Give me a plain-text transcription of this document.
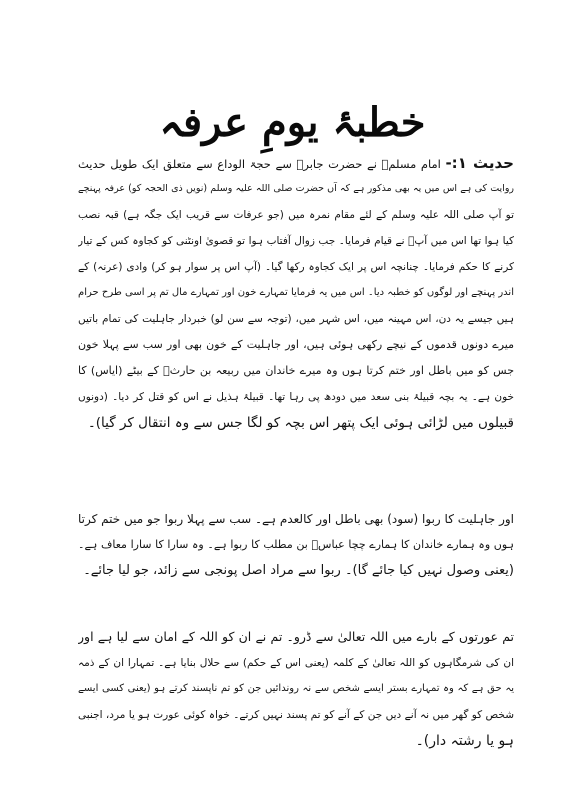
خطبۂ یومِ عرفہ
حدیث ۱:- امام مسلمؒ نے حضرت جابرؓ سے حجۃ الوداع سے متعلق ایک طویل حدیث
روایت کی ہے اس میں یہ بھی مذکور ہے کہ آں حضرت صلی اللہ علیہ وسلم (نویں ذی الحجہ کو) عرفہ پہنچے
تو آپ صلی اللہ علیہ وسلم کے لئے مقام نمرہ میں (جو عرفات سے قریب ایک جگہ ہے) قبہ نصب
کیا ہوا تھا اس میں آپؐ نے قیام فرمایا۔ جب زوال آفتاب ہوا تو قصویٰ اونٹنی کو کجاوہ کس کے تیار
کرنے کا حکم فرمایا۔ چنانچہ اس پر ایک کجاوہ رکھا گیا۔ (آپ اس پر سوار ہو کر) وادی (عرنہ) کے
اندر پہنچے اور لوگوں کو خطبہ دیا۔ اس میں یہ فرمایا تمہارے خون اور تمہارے مال تم پر اسی طرح حرام
ہیں جیسے یہ دن، اس مہینہ میں، اس شہر میں، (توجہ سے سن لو) خبردار جاہلیت کی تمام باتیں
میرے دونوں قدموں کے نیچے رکھی ہوئی ہیں، اور جاہلیت کے خون بھی اور سب سے پہلا خون
جس کو میں باطل اور ختم کرتا ہوں وہ میرے خاندان میں ربیعہ بن حارثؓ کے بیٹے (ایاس) کا
خون ہے۔ یہ بچہ قبیلۂ بنی سعد میں دودھ پی رہا تھا۔ قبیلۂ ہذیل نے اس کو قتل کر دیا۔ (دونوں
قبیلوں میں لڑائی ہوئی ایک پتھر اس بچہ کو لگا جس سے وہ انتقال کر گیا)۔
اور جاہلیت کا ربوا (سود) بھی باطل اور کالعدم ہے۔ سب سے پہلا ربوا جو میں ختم کرتا
ہوں وہ ہمارے خاندان کا ہمارے چچا عباسؓ بن مطلب کا ربوا ہے۔ وہ سارا کا سارا معاف ہے۔
(یعنی وصول نہیں کیا جائے گا)۔ ربوا سے مراد اصل پونجی سے زائد، جو لیا جائے۔
تم عورتوں کے بارے میں اللہ تعالیٰ سے ڈرو۔ تم نے ان کو اللہ کے امان سے لیا ہے اور
ان کی شرمگاہوں کو اللہ تعالیٰ کے کلمہ (یعنی اس کے حکم) سے حلال بنایا ہے۔ تمہارا ان کے ذمہ
یہ حق ہے کہ وہ تمہارے بستر ایسے شخص سے نہ روندائیں جن کو تم ناپسند کرتے ہو (یعنی کسی ایسے
شخص کو گھر میں نہ آنے دیں جن کے آنے کو تم پسند نہیں کرتے۔ خواہ کوئی عورت ہو یا مرد، اجنبی
ہو یا رشتہ دار)۔
